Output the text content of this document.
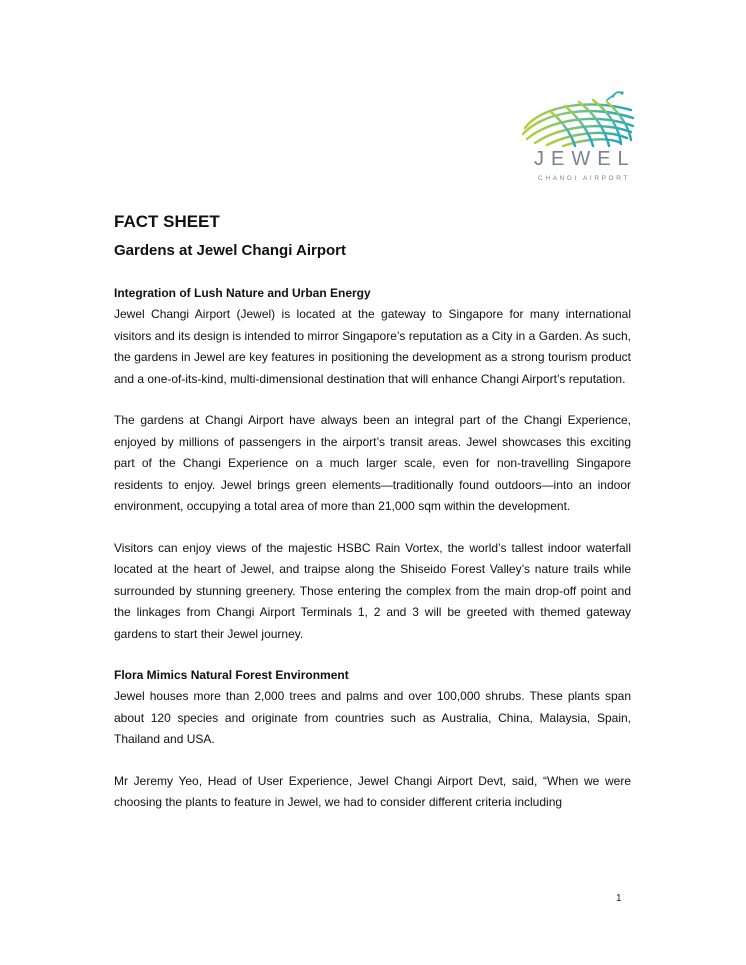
JEWEL
CHANGI AIRPORT
FACT SHEET
Gardens at Jewel Changi Airport
Integration of Lush Nature and Urban Energy

Jewel Changi Airport (Jewel) is located at the gateway to Singapore for many international visitors and its design is intended to mirror Singapore’s reputation as a City in a Garden. As such, the gardens in Jewel are key features in positioning the development as a strong tourism product and a one-of-its-kind, multi-dimensional destination that will enhance Changi Airport’s reputation.

The gardens at Changi Airport have always been an integral part of the Changi Experience, enjoyed by millions of passengers in the airport’s transit areas. Jewel showcases this exciting part of the Changi Experience on a much larger scale, even for non-travelling Singapore residents to enjoy. Jewel brings green elements—traditionally found outdoors—into an indoor environment, occupying a total area of more than 21,000 sqm within the development.

Visitors can enjoy views of the majestic HSBC Rain Vortex, the world’s tallest indoor waterfall located at the heart of Jewel, and traipse along the Shiseido Forest Valley’s nature trails while surrounded by stunning greenery. Those entering the complex from the main drop-off point and the linkages from Changi Airport Terminals 1, 2 and 3 will be greeted with themed gateway gardens to start their Jewel journey.

Flora Mimics Natural Forest Environment

Jewel houses more than 2,000 trees and palms and over 100,000 shrubs. These plants span about 120 species and originate from countries such as Australia, China, Malaysia, Spain, Thailand and USA.

Mr Jeremy Yeo, Head of User Experience, Jewel Changi Airport Devt, said, “When we were choosing the plants to feature in Jewel, we had to consider different criteria including

1
